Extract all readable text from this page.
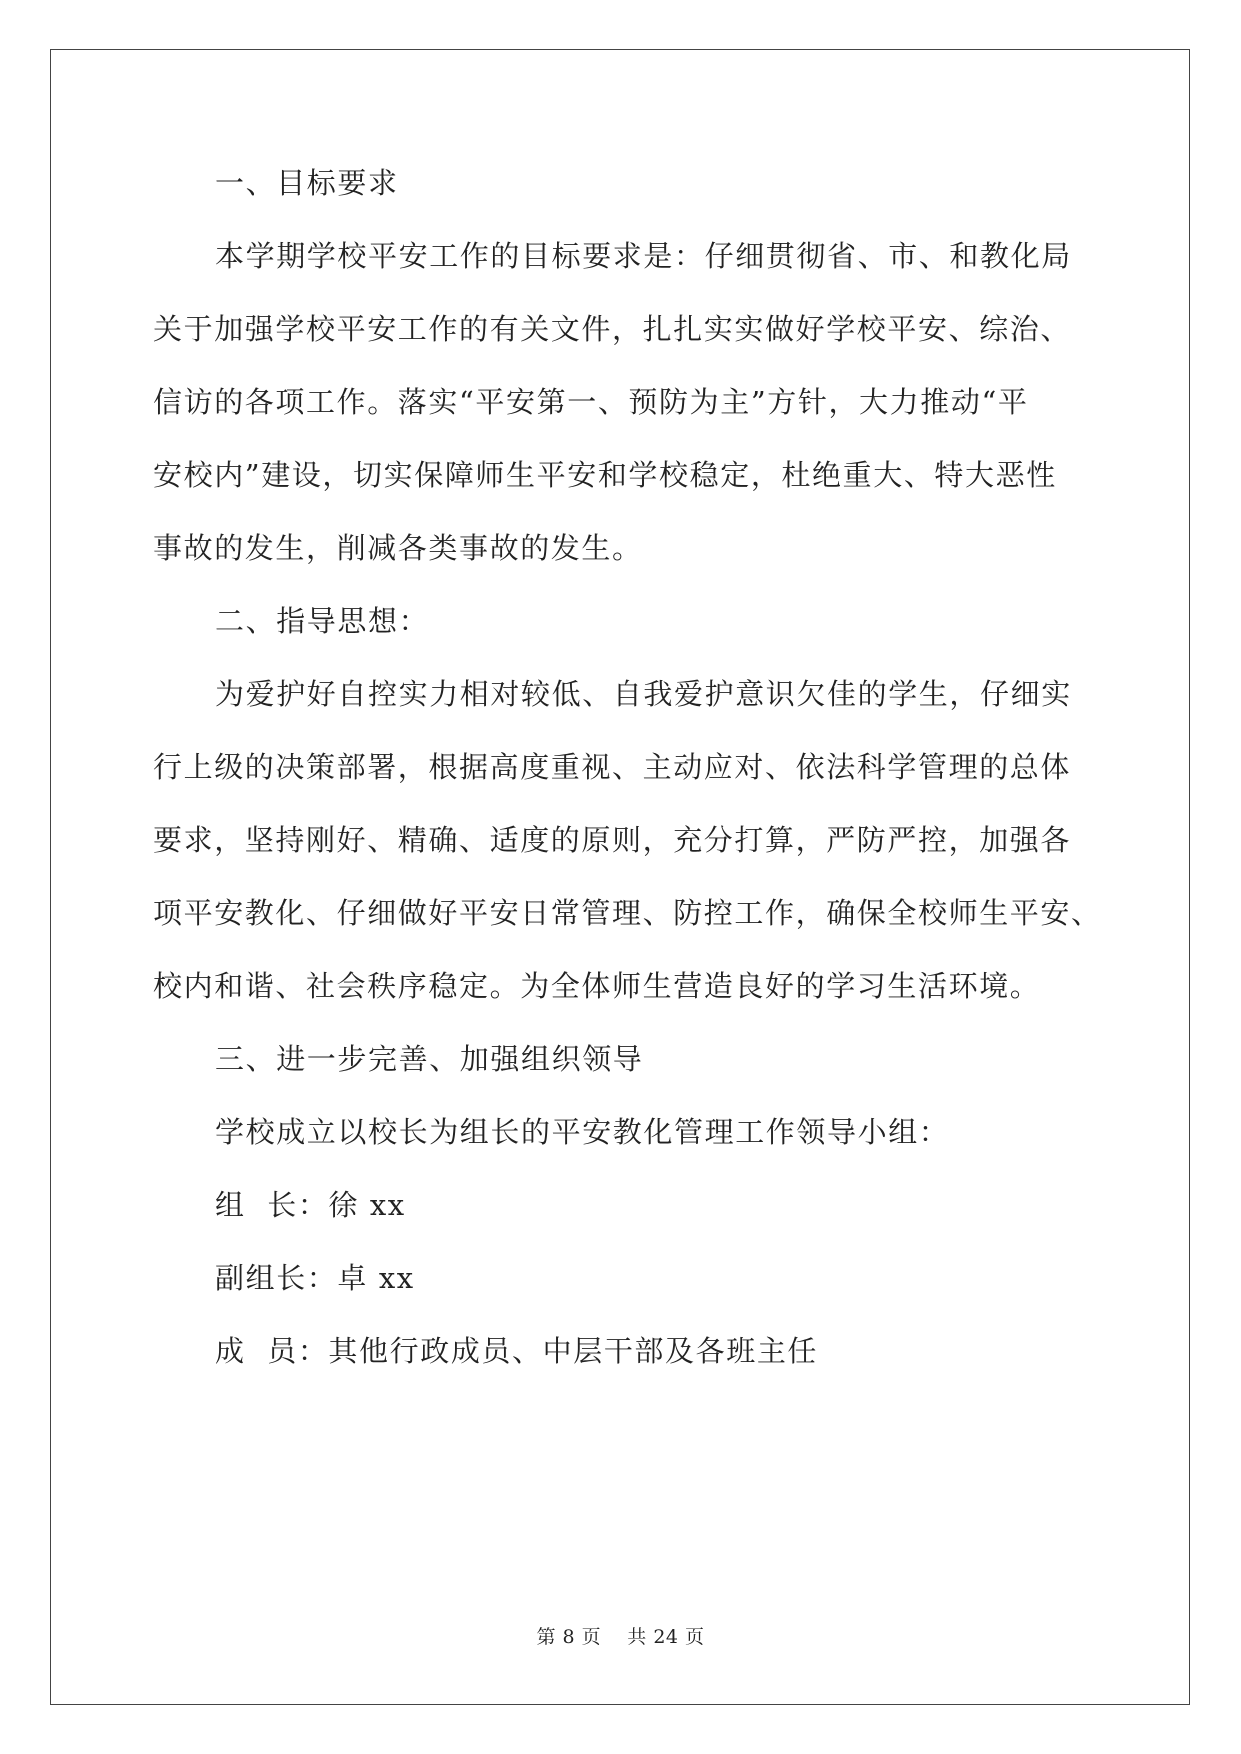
一、目标要求
本学期学校平安工作的目标要求是：仔细贯彻省、市、和教化局
关于加强学校平安工作的有关文件，扎扎实实做好学校平安、综治、
信访的各项工作。落实“平安第一、预防为主”方针，大力推动“平
安校内”建设，切实保障师生平安和学校稳定，杜绝重大、特大恶性
事故的发生，削减各类事故的发生。
二、指导思想：
为爱护好自控实力相对较低、自我爱护意识欠佳的学生，仔细实
行上级的决策部署，根据高度重视、主动应对、依法科学管理的总体
要求，坚持刚好、精确、适度的原则，充分打算，严防严控，加强各
项平安教化、仔细做好平安日常管理、防控工作，确保全校师生平安、
校内和谐、社会秩序稳定。为全体师生营造良好的学习生活环境。
三、进一步完善、加强组织领导
学校成立以校长为组长的平安教化管理工作领导小组：
组  长：徐 xx
副组长：卓 xx
成  员：其他行政成员、中层干部及各班主任
第 8 页    共 24 页
